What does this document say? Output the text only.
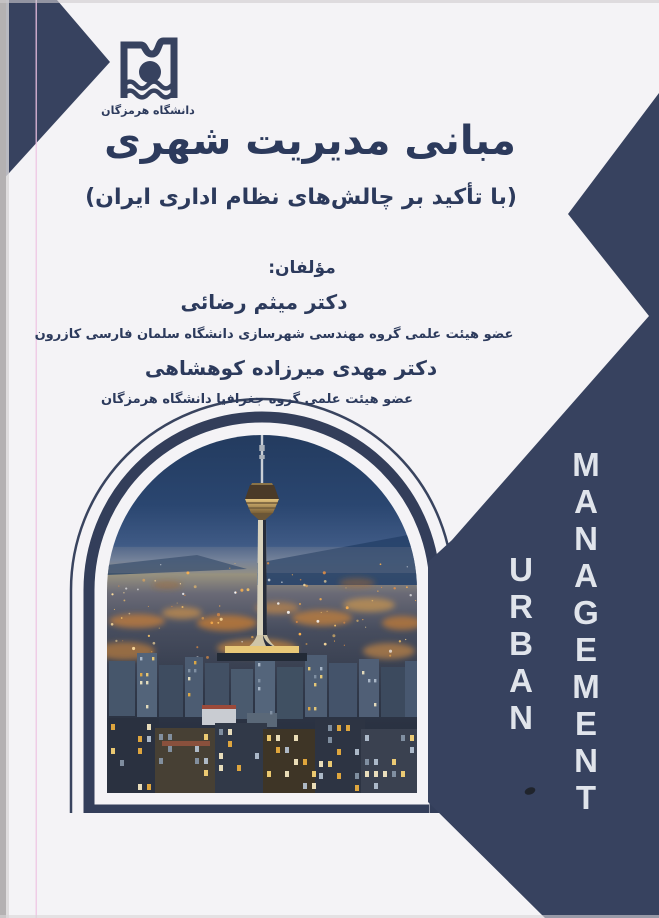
دانشگاه هرمزگان
مبانی مدیریت شهری
(با تأکید بر چالش‌های نظام اداری ایران)
مؤلفان:
دکتر میثم رضائی
عضو هیئت علمی گروه مهندسی شهرسازی دانشگاه سلمان فارسی کازرون
دکتر مهدی میرزاده کوهشاهی
عضو هیئت علمی گروه جغرافیا دانشگاه هرمزگان
U
R
B
A
N
M
A
N
A
G
E
M
E
N
T
